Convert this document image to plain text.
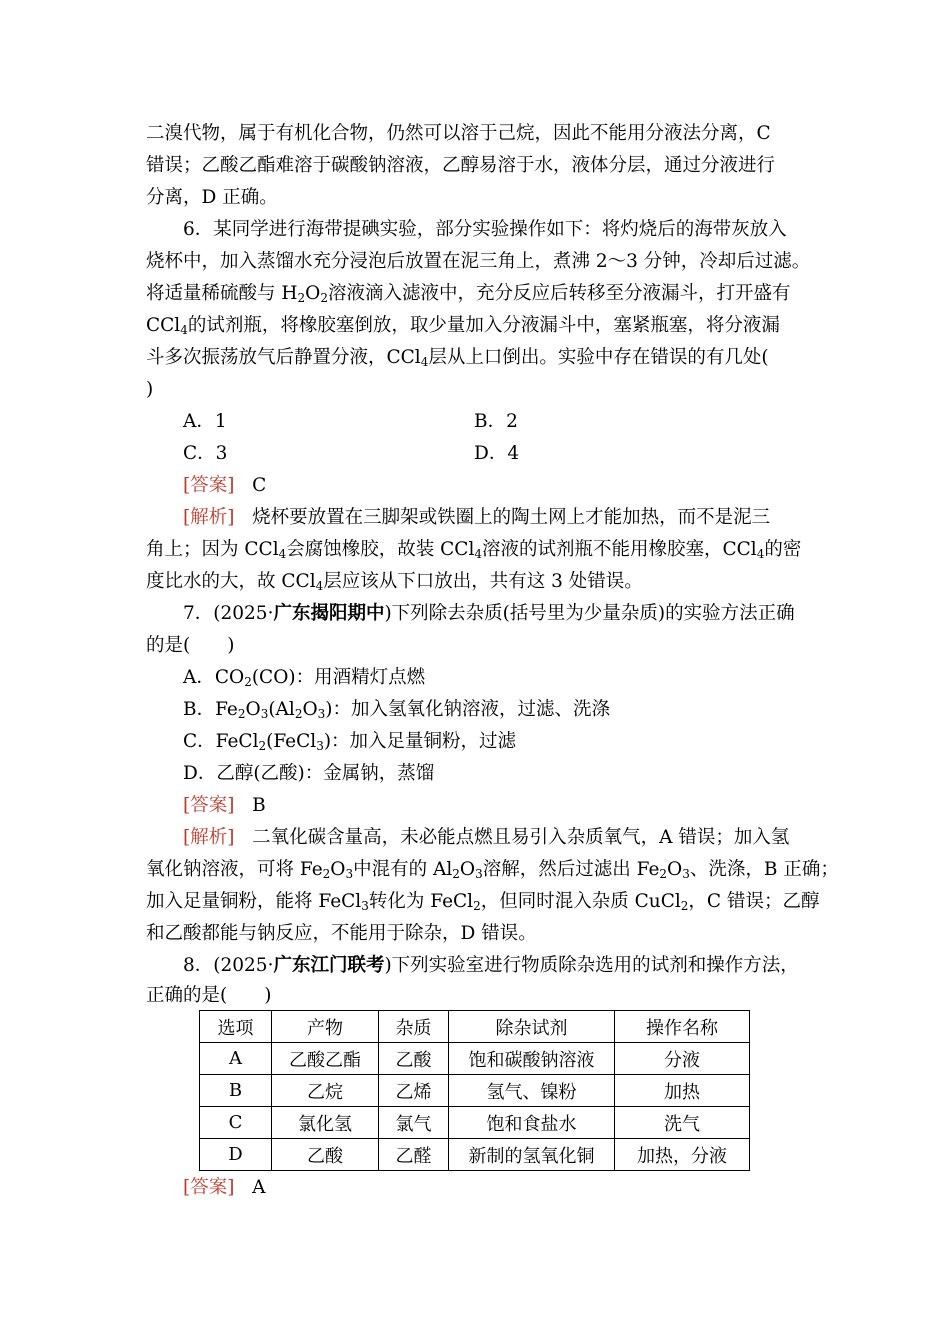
二溴代物，属于有机化合物，仍然可以溶于己烷，因此不能用分液法分离，C
错误；乙酸乙酯难溶于碳酸钠溶液，乙醇易溶于水，液体分层，通过分液进行
分离，D 正确。
6．某同学进行海带提碘实验，部分实验操作如下：将灼烧后的海带灰放入
烧杯中，加入蒸馏水充分浸泡后放置在泥三角上，煮沸 2～3 分钟，冷却后过滤。
将适量稀硫酸与 $H_2O_2$溶液滴入滤液中，充分反应后转移至分液漏斗，打开盛有
CCl$_4$的试剂瓶，将橡胶塞倒放，取少量加入分液漏斗中，塞紧瓶塞，将分液漏
斗多次振荡放气后静置分液，CCl$_4$层从上口倒出。实验中存在错误的有几处(
)
A．1	B．2
C．3	D．4
[答案] C
[解析] 烧杯要放置在三脚架或铁圈上的陶土网上才能加热，而不是泥三
角上；因为 CCl$_4$会腐蚀橡胶，故装 CCl$_4$溶液的试剂瓶不能用橡胶塞，CCl$_4$的密
度比水的大，故 CCl$_4$层应该从下口放出，共有这 3 处错误。
7．(2025·广东揭阳期中)下列除去杂质(括号里为少量杂质)的实验方法正确
的是(　　)
A．$CO_2(CO)$：用酒精灯点燃
B．$Fe_2O_3(Al_2O_3)$：加入氢氧化钠溶液，过滤、洗涤
C．FeCl$_2$(FeCl$_3$)：加入足量铜粉，过滤
D．乙醇(乙酸)：金属钠，蒸馏
[答案] B
[解析] 二氧化碳含量高，未必能点燃且易引入杂质氧气，A 错误；加入氢
氧化钠溶液，可将 $Fe_2O_3$中混有的 $Al_2O_3$溶解，然后过滤出 $Fe_2O_3$、洗涤，B 正确；
加入足量铜粉，能将 FeCl$_3$转化为 FeCl$_2$，但同时混入杂质 CuCl$_2$，C 错误；乙醇
和乙酸都能与钠反应，不能用于除杂，D 错误。
8．(2025·广东江门联考)下列实验室进行物质除杂选用的试剂和操作方法，
正确的是(　　)
选项	产物	杂质	除杂试剂	操作名称
A	乙酸乙酯	乙酸	饱和碳酸钠溶液	分液
B	乙烷	乙烯	氢气、镍粉	加热
C	氯化氢	氯气	饱和食盐水	洗气
D	乙酸	乙醛	新制的氢氧化铜	加热，分液
[答案] A
